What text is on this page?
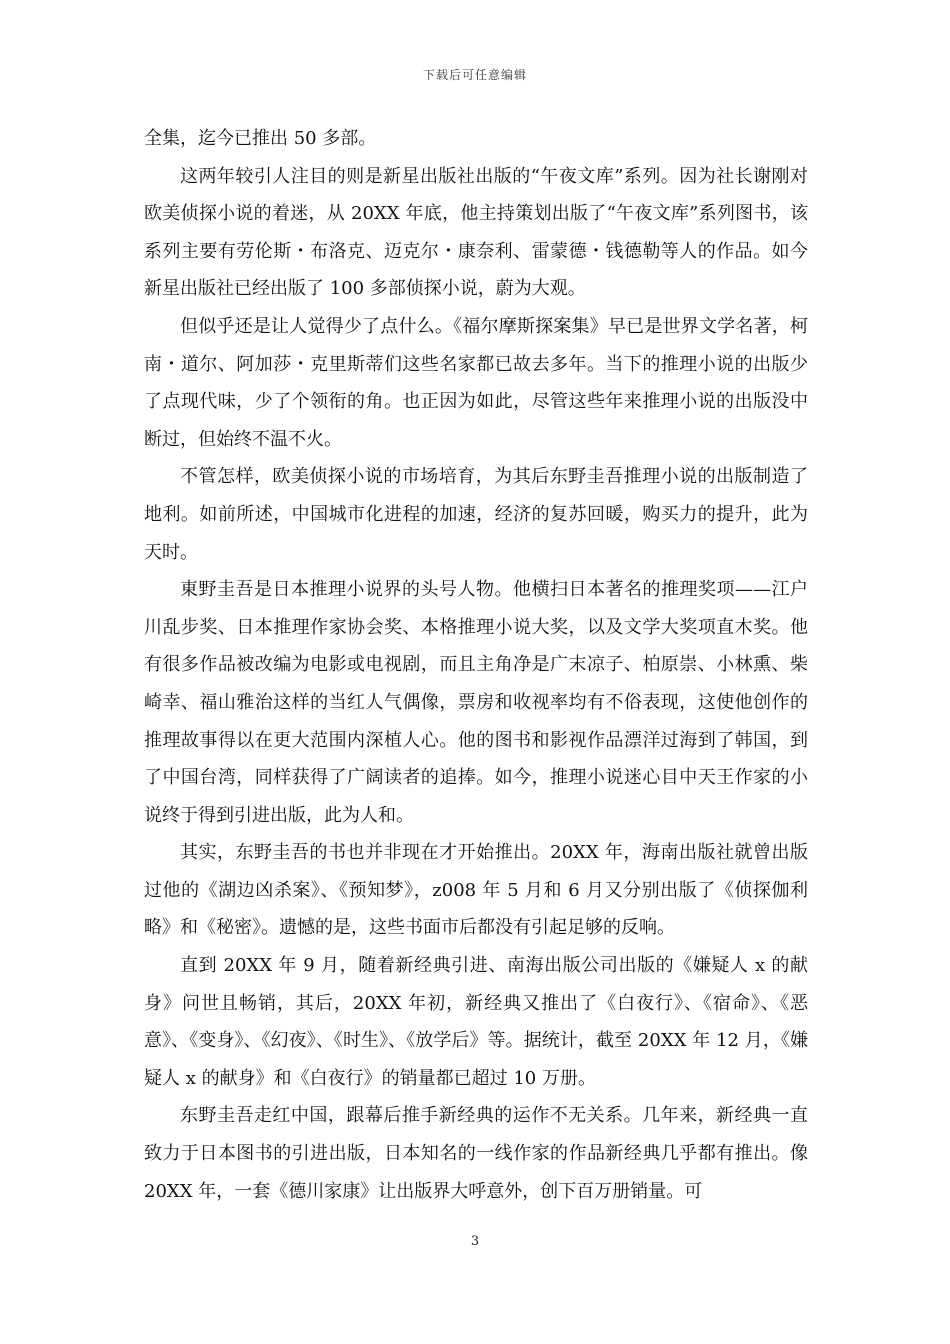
下载后可任意编辑

全集，迄今已推出 50 多部。

这两年较引人注目的则是新星出版社出版的“午夜文库”系列。因为社长谢刚对欧美侦探小说的着迷，从 20XX 年底，他主持策划出版了“午夜文库”系列图书，该系列主要有劳伦斯・布洛克、迈克尔・康奈利、雷蒙德・钱德勒等人的作品。如今新星出版社已经出版了 100 多部侦探小说，蔚为大观。

但似乎还是让人觉得少了点什么。《福尔摩斯探案集》早已是世界文学名著，柯南・道尔、阿加莎・克里斯蒂们这些名家都已故去多年。当下的推理小说的出版少了点现代味，少了个领衔的角。也正因为如此，尽管这些年来推理小说的出版没中断过，但始终不温不火。

不管怎样，欧美侦探小说的市场培育，为其后东野圭吾推理小说的出版制造了地利。如前所述，中国城市化进程的加速，经济的复苏回暖，购买力的提升，此为天时。

東野圭吾是日本推理小说界的头号人物。他横扫日本著名的推理奖项——江户川乱步奖、日本推理作家协会奖、本格推理小说大奖，以及文学大奖项直木奖。他有很多作品被改编为电影或电视剧，而且主角净是广末凉子、柏原崇、小林熏、柴崎幸、福山雅治这样的当红人气偶像，票房和收视率均有不俗表现，这使他创作的推理故事得以在更大范围内深植人心。他的图书和影视作品漂洋过海到了韩国，到了中国台湾，同样获得了广阔读者的追捧。如今，推理小说迷心目中天王作家的小说终于得到引进出版，此为人和。

其实，东野圭吾的书也并非现在才开始推出。20XX 年，海南出版社就曾出版过他的《湖边凶杀案》、《预知梦》，z008 年 5 月和 6 月又分别出版了《侦探伽利略》和《秘密》。遗憾的是，这些书面市后都没有引起足够的反响。

直到 20XX 年 9 月，随着新经典引进、南海出版公司出版的《嫌疑人 x 的献身》问世且畅销，其后，20XX 年初，新经典又推出了《白夜行》、《宿命》、《恶意》、《变身》、《幻夜》、《时生》、《放学后》等。据统计，截至 20XX 年 12 月，《嫌疑人 x 的献身》和《白夜行》的销量都已超过 10 万册。

东野圭吾走红中国，跟幕后推手新经典的运作不无关系。几年来，新经典一直致力于日本图书的引进出版，日本知名的一线作家的作品新经典几乎都有推出。像 20XX 年，一套《德川家康》让出版界大呼意外，创下百万册销量。可

3
